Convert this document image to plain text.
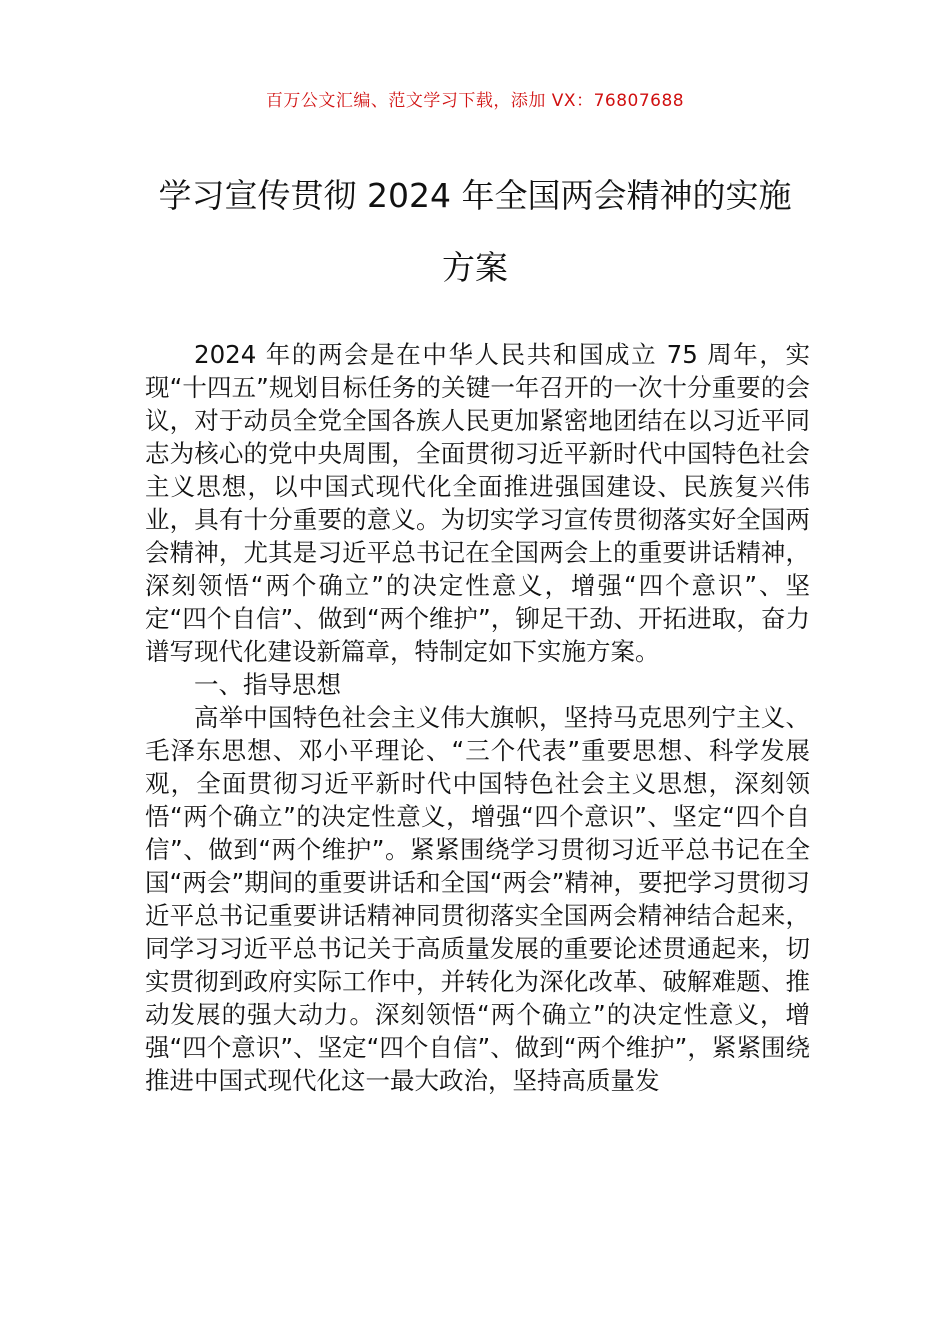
百万公文汇编、范文学习下载，添加 VX：76807688
学习宣传贯彻 2024 年全国两会精神的实施
方案

2024 年的两会是在中华人民共和国成立 75 周年，实现“十四五”规划目标任务的关键一年召开的一次十分重要的会议，对于动员全党全国各族人民更加紧密地团结在以习近平同志为核心的党中央周围，全面贯彻习近平新时代中国特色社会主义思想，以中国式现代化全面推进强国建设、民族复兴伟业，具有十分重要的意义。为切实学习宣传贯彻落实好全国两会精神，尤其是习近平总书记在全国两会上的重要讲话精神，深刻领悟“两个确立”的决定性意义，增强“四个意识”、坚定“四个自信”、做到“两个维护”，铆足干劲、开拓进取，奋力谱写现代化建设新篇章，特制定如下实施方案。

一、指导思想

高举中国特色社会主义伟大旗帜，坚持马克思列宁主义、毛泽东思想、邓小平理论、“三个代表”重要思想、科学发展观，全面贯彻习近平新时代中国特色社会主义思想，深刻领悟“两个确立”的决定性意义，增强“四个意识”、坚定“四个自信”、做到“两个维护”。紧紧围绕学习贯彻习近平总书记在全国“两会”期间的重要讲话和全国“两会”精神，要把学习贯彻习近平总书记重要讲话精神同贯彻落实全国两会精神结合起来，同学习习近平总书记关于高质量发展的重要论述贯通起来，切实贯彻到政府实际工作中，并转化为深化改革、破解难题、推动发展的强大动力。深刻领悟“两个确立”的决定性意义，增强“四个意识”、坚定“四个自信”、做到“两个维护”，紧紧围绕推进中国式现代化这一最大政治，坚持高质量发
